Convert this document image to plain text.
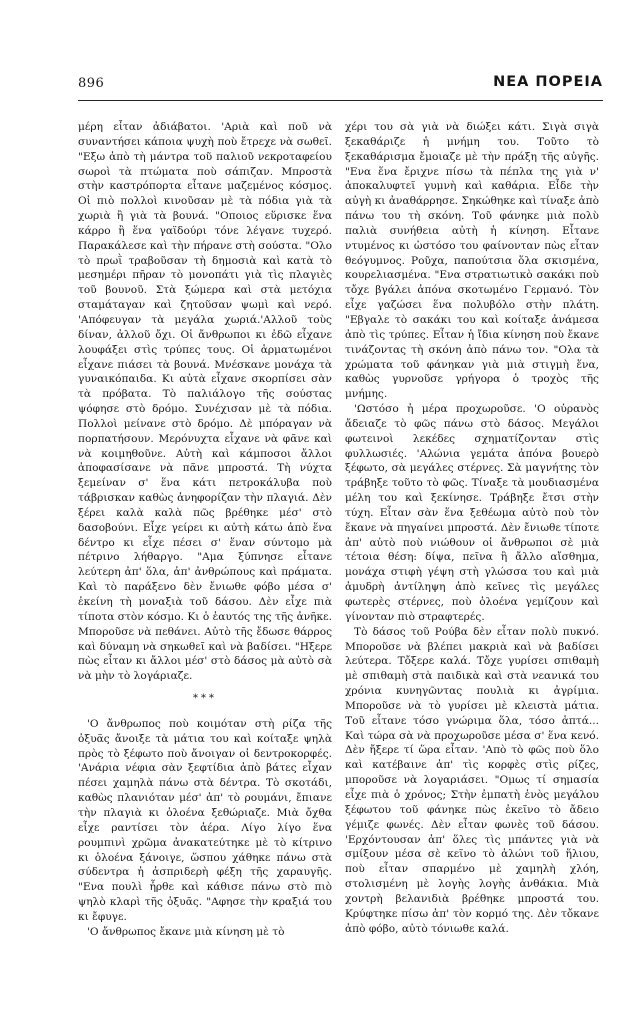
896	ΝΕΑ ΠΟΡΕΙΑ

μέρη εἶταν ἀδιάβατοι. 'Αριὰ καὶ ποῦ νὰ συναντήσει κάποια ψυχὴ ποὺ ἔτρεχε νὰ σωθεῖ. "Εξω ἀπὸ τὴ μάντρα τοῦ παλιοῦ νεκροταφείου σωροὶ τὰ πτώματα ποὺ σάπιζαν. Μπροστὰ στὴν καστρόπορτα εἶτανε μαζεμένος κόσμος. Οἱ πιὸ πολλοὶ κινοῦσαν μὲ τὰ πόδια γιὰ τὰ χωριὰ ἢ γιὰ τὰ βουνά. "Οποιος εὕρισκε ἕνα κάρρο ἢ ἕνα γαϊδούρι τόνε λέγανε τυχερό. Παρακάλεσε καὶ τὴν πήρανε στὴ σούστα. "Ολο τὸ πρωῒ τραβοῦσαν τὴ δημοσιὰ καὶ κατὰ τὸ μεσημέρι πῆραν τὸ μονοπάτι γιὰ τὶς πλαγιὲς τοῦ βουνοῦ. Στὰ ξώμερα καὶ στὰ μετόχια σταμάταγαν καὶ ζητοῦσαν ψωμὶ καὶ νερό. 'Απόφευγαν τὰ μεγάλα χωριά.'Αλλοῦ τοὺς δίναν, ἀλλοῦ ὄχι. Οἱ ἄνθρωποι κι ἐδῶ εἶχανε λουφάξει στὶς τρύπες τους. Οἱ ἁρματωμένοι εἶχανε πιάσει τὰ βουνά. Μνέσκανε μονάχα τὰ γυναικόπαιδα. Κι αὐτὰ εἶχανε σκορπίσει σὰν τὰ πρόβατα. Τὸ παλιάλογο τῆς σούστας ψόφησε στὸ δρόμο. Συνέχισαν μὲ τὰ πόδια. Πολλοὶ μείνανε στὸ δρόμο. Δὲ μπόραγαν νὰ πορπατήσουν. Μερόνυχτα εἶχανε νὰ φᾶνε καὶ νὰ κοιμηθοῦνε. Αὐτὴ καὶ κάμποσοι ἄλλοι ἀποφασίσανε νὰ πᾶνε μπροστά. Τὴ νύχτα ξεμείναν σ' ἕνα κάτι πετροκάλυβα ποὺ τάβρισκαν καθὼς ἀνηφορίζαν τὴν πλαγιά. Δὲν ξέρει καλὰ καλὰ πῶς βρέθηκε μέσ' στὸ δασοβούνι. Εἶχε γείρει κι αὐτὴ κάτω ἀπὸ ἕνα δέντρο κι εἶχε πέσει σ' ἕναν σύντομο μὰ πέτρινο λήθαργο. "Αμα ξύπνησε εἶτανε λεύτερη ἀπ' ὅλα, ἀπ' ἀνθρώπους καὶ πράματα. Καὶ τὸ παράξενο δὲν ἔνιωθε φόβο μέσα σ' ἐκείνη τὴ μοναξιὰ τοῦ δάσου. Δὲν εἶχε πιὰ τίποτα στὸν κόσμο. Κι ὁ ἑαυτός της τῆς ἀνῆκε. Μποροῦσε νὰ πεθάνει. Αὐτὸ τῆς ἔδωσε θάρρος καὶ δύναμη νὰ σηκωθεῖ καὶ νὰ βαδίσει. "Ηξερε πὼς εἶταν κι ἄλλοι μέσ' στὸ δάσος μὰ αὐτὸ σὰ νὰ μὴν τὸ λογάριαζε.

***

'Ο ἄνθρωπος ποὺ κοιμόταν στὴ ρίζα τῆς ὀξυᾶς ἄνοιξε τὰ μάτια του καὶ κοίταξε ψηλὰ πρὸς τὸ ξέφωτο ποὺ ἄνοιγαν οἱ δεντροκορφές. 'Ανάρια νέφια σὰν ξεφτίδια ἀπὸ βάτες εἶχαν πέσει χαμηλὰ πάνω στὰ δέντρα. Τὸ σκοτάδι, καθὼς πλανιόταν μέσ' ἀπ' τὸ ρουμάνι, ἔπιανε τὴν πλαγιὰ κι ὁλοένα ξεθώριαζε. Μιὰ ὄχθα εἶχε ραντίσει τὸν ἀέρα. Λίγο λίγο ἕνα ρουμπινὶ χρῶμα ἀνακατεύτηκε μὲ τὸ κίτρινο κι ὁλοένα ξάνοιγε, ὥσπου χάθηκε πάνω στὰ σύδεντρα ἡ ἀσπριδερὴ φέξη τῆς χαραυγῆς. "Ενα πουλὶ ἦρθε καὶ κάθισε πάνω στὸ πιὸ ψηλὸ κλαρὶ τῆς ὀξυᾶς. "Αφησε τὴν κραξιά του κι ἔφυγε.

'Ο ἄνθρωπος ἔκανε μιὰ κίνηση μὲ τὸ

χέρι του σὰ γιὰ νὰ διώξει κάτι. Σιγὰ σιγὰ ξεκαθάριζε ἡ μνήμη του. Τοῦτο τὸ ξεκαθάρισμα ἔμοιαζε μὲ τὴν πράξη τῆς αὐγῆς. "Ενα ἕνα ἔριχνε πίσω τὰ πέπλα της γιὰ ν' ἀποκαλυφτεῖ γυμνὴ καὶ καθάρια. Εἶδε τὴν αὐγὴ κι ἀναθάρρησε. Σηκώθηκε καὶ τίναξε ἀπὸ πάνω του τὴ σκόνη. Τοῦ φάνηκε μιὰ πολὺ παλιὰ συνήθεια αὐτὴ ἡ κίνηση. Εἶτανε ντυμένος κι ὡστόσο του φαίνονταν πὼς εἶταν θεόγυμνος. Ροῦχα, παπούτσια ὅλα σκισμένα, κουρελιασμένα. "Ενα στρατιωτικὸ σακάκι ποὺ τὄχε βγάλει ἀπόνα σκοτωμένο Γερμανό. Τὸν εἶχε γαζώσει ἕνα πολυβόλο στὴν πλάτη. "Εβγαλε τὸ σακάκι του καὶ κοίταξε ἀνάμεσα ἀπὸ τὶς τρύπες. Εἶταν ἡ ἴδια κίνηση ποὺ ἔκανε τινάζοντας τὴ σκόνη ἀπὸ πάνω τον. "Ολα τὰ χρώματα τοῦ φάνηκαν γιὰ μιὰ στιγμὴ ἕνα, καθὼς γυρνοῦσε γρήγορα ὁ τροχὸς τῆς μνήμης.

'Ωστόσο ἡ μέρα προχωροῦσε. 'Ο οὐρανὸς ἄδειαζε τὸ φῶς πάνω στὸ δάσος. Μεγάλοι φωτεινοὶ λεκέδες σχηματίζονταν στὶς φυλλωσιές. 'Αλώνια γεμάτα ἀπόνα βουερὸ ξέφωτο, σὰ μεγάλες στέρνες. Σὰ μαγνήτης τὸν τράβηξε τοῦτο τὸ φῶς. Τίναξε τὰ μουδιασμένα μέλη του καὶ ξεκίνησε. Τράβηξε ἔτσι στὴν τύχη. Εἶταν σὰν ἕνα ξεθέωμα αὐτὸ ποὺ τὸν ἔκανε νὰ πηγαίνει μπροστά. Δὲν ἔνιωθε τίποτε ἀπ' αὐτὸ ποὺ νιώθουν οἱ ἄνθρωποι σὲ μιὰ τέτοια θέση: δίψα, πεῖνα ἢ ἄλλο αἴσθημα, μονάχα στιφὴ γέψη στὴ γλώσσα του καὶ μιὰ ἀμυδρὴ ἀντίληψη ἀπὸ κεῖνες τὶς μεγάλες φωτερὲς στέρνες, ποὺ ὁλοένα γεμίζουν καὶ γίνονταν πιὸ στραφτερές.

Τὸ δάσος τοῦ Ρούβα δὲν εἶταν πολὺ πυκνό. Μποροῦσε νὰ βλέπει μακριὰ καὶ νὰ βαδίσει λεύτερα. Τὄξερε καλά. Τὄχε γυρίσει σπιθαμὴ μὲ σπιθαμὴ στὰ παιδικὰ καὶ στὰ νεανικά του χρόνια κυνηγῶντας πουλιὰ κι ἀγρίμια. Μποροῦσε νὰ τὸ γυρίσει μὲ κλειστὰ μάτια. Τοῦ εἶτανε τόσο γνώριμα ὅλα, τόσο ἁπτά... Καὶ τώρα σὰ νὰ προχωροῦσε μέσα σ' ἕνα κενό. Δὲν ἤξερε τί ὥρα εἶταν. 'Απὸ τὸ φῶς ποὺ ὅλο καὶ κατέβαινε ἀπ' τὶς κορφὲς στὶς ρίζες, μποροῦσε νὰ λογαριάσει. "Ομως τί σημασία εἶχε πιὰ ὁ χρόνος; Στὴν ἐμπατὴ ἑνὸς μεγάλου ξέφωτου τοῦ φάνηκε πὼς ἐκεῖνο τὸ ἄδειο γέμιζε φωνές. Δὲν εἶταν φωνὲς τοῦ δάσου. 'Ερχόντουσαν ἀπ' ὅλες τὶς μπάντες γιὰ νὰ σμίξουν μέσα σὲ κεῖνο τὸ ἁλώνι τοῦ ἥλιου, ποὺ εἶταν σπαρμένο μὲ χαμηλὴ χλόη, στολισμένη μὲ λογὴς λογὴς ἀνθάκια. Μιὰ χοντρὴ βελανιδιὰ βρέθηκε μπροστά του. Κρύφτηκε πίσω ἀπ' τὸν κορμό της. Δὲν τὄκανε ἀπὸ φόβο, αὐτὸ τόνιωθε καλά.
